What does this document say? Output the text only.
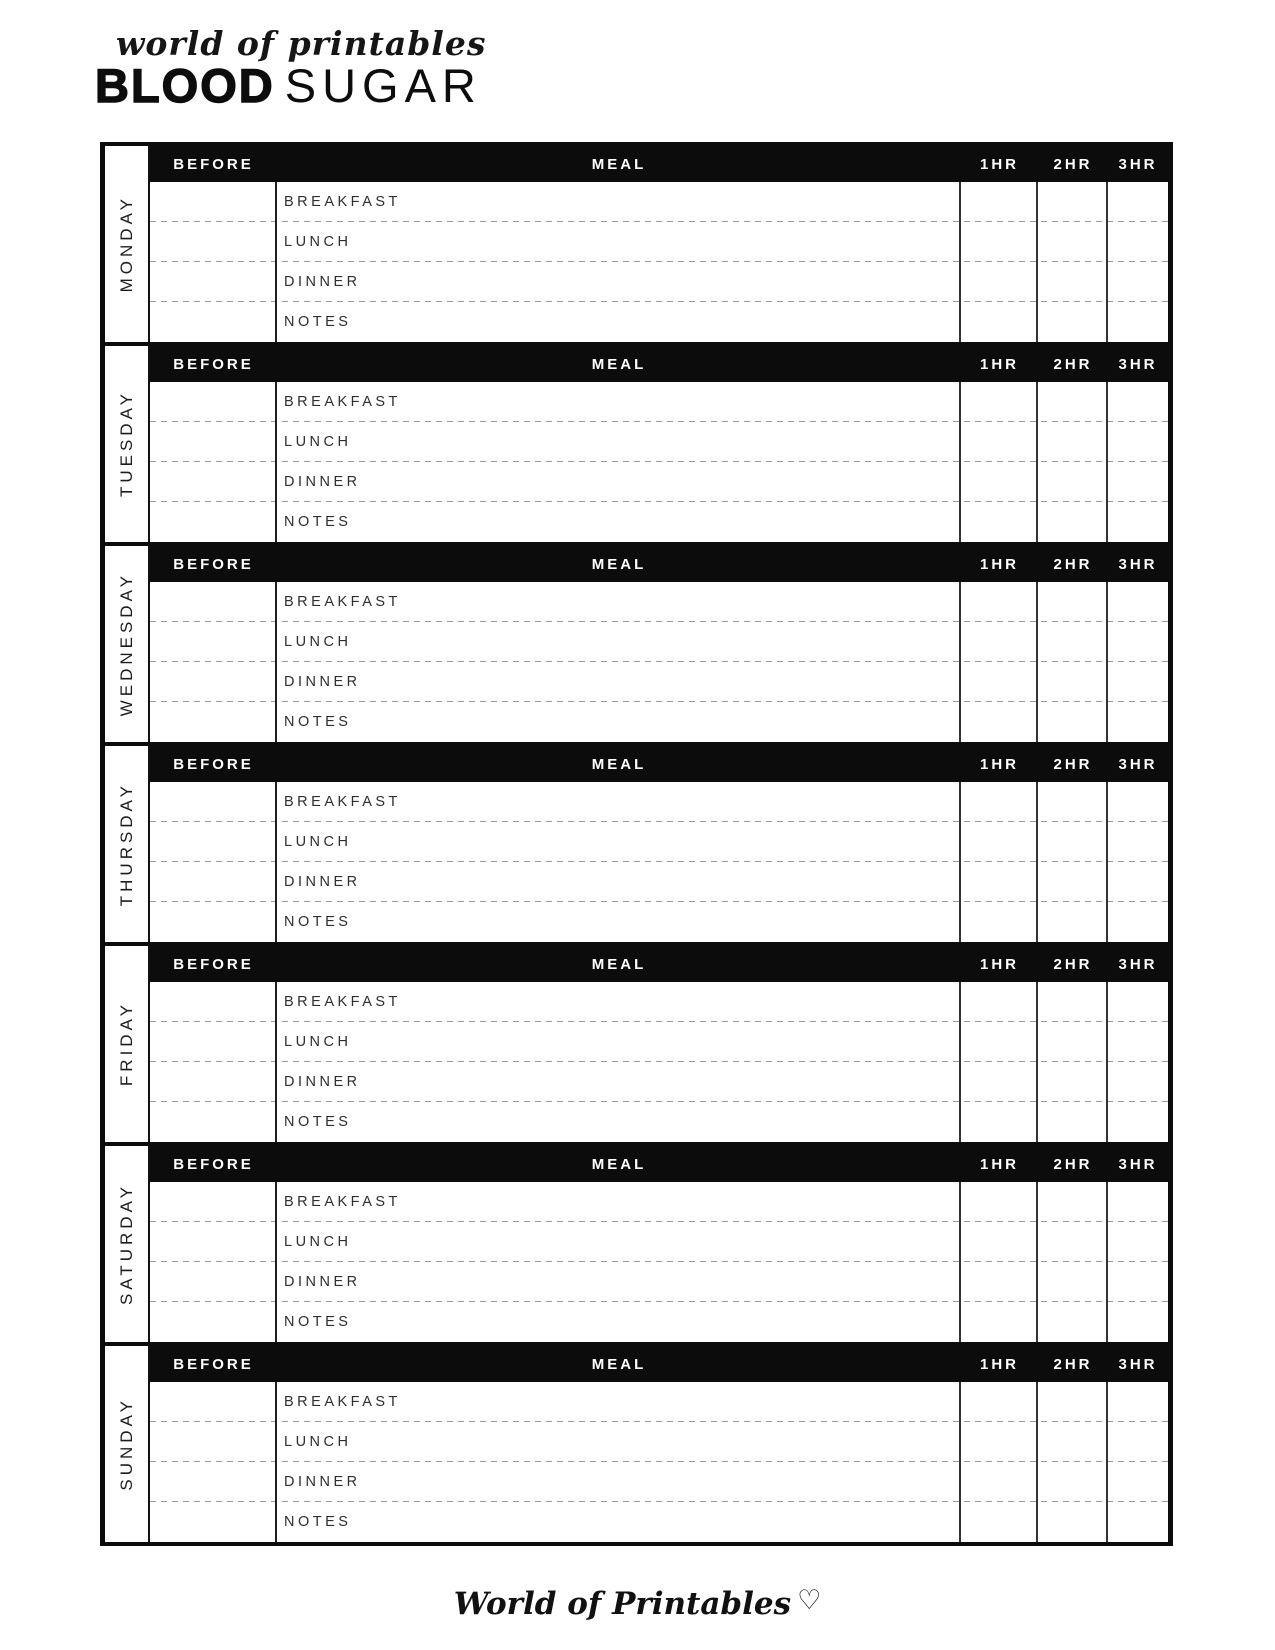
world of printables
BLOOD SUGAR
MONDAY
BEFORE	MEAL	1HR	2HR	3HR
BREAKFAST
LUNCH
DINNER
NOTES
TUESDAY
BEFORE	MEAL	1HR	2HR	3HR
BREAKFAST
LUNCH
DINNER
NOTES
WEDNESDAY
BEFORE	MEAL	1HR	2HR	3HR
BREAKFAST
LUNCH
DINNER
NOTES
THURSDAY
BEFORE	MEAL	1HR	2HR	3HR
BREAKFAST
LUNCH
DINNER
NOTES
FRIDAY
BEFORE	MEAL	1HR	2HR	3HR
BREAKFAST
LUNCH
DINNER
NOTES
SATURDAY
BEFORE	MEAL	1HR	2HR	3HR
BREAKFAST
LUNCH
DINNER
NOTES
SUNDAY
BEFORE	MEAL	1HR	2HR	3HR
BREAKFAST
LUNCH
DINNER
NOTES
World of Printables ♡
